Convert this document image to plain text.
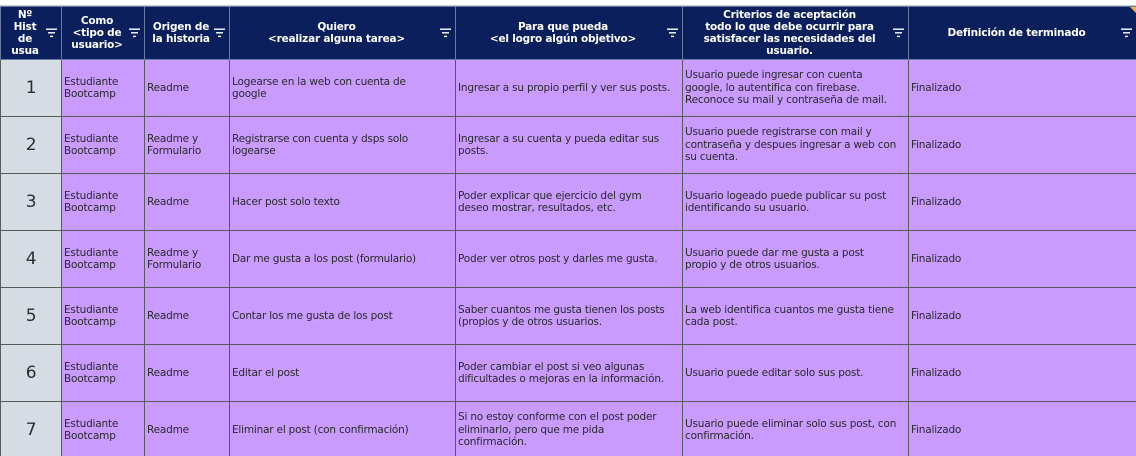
Nº Hist
de
usua	Como
<tipo de
usuario>	Origen de
la historia	Quiero
<realizar alguna tarea>	Para que pueda
<el logro algún objetivo>	Criterios de aceptación
todo lo que debe ocurrir para
satisfacer las necesidades del usuario.	Definición de terminado

1	Estudiante
Bootcamp	Readme	Logearse en la web con cuenta de
google	Ingresar a su propio perfil y ver sus posts.	Usuario puede ingresar con cuenta
google, lo autentifica con firebase.
Reconoce su mail y contraseña de mail.	Finalizado
2	Estudiante
Bootcamp	Readme y
Formulario	Registrarse con cuenta y dsps solo
logearse	Ingresar a su cuenta y pueda editar sus
posts.	Usuario puede registrarse con mail y
contraseña y despues ingresar a web con
su cuenta.	Finalizado
3	Estudiante
Bootcamp	Readme	Hacer post solo texto	Poder explicar que ejercicio del gym
deseo mostrar, resultados, etc.	Usuario logeado puede publicar su post
identificando su usuario.	Finalizado
4	Estudiante
Bootcamp	Readme y
Formulario	Dar me gusta a los post (formulario)	Poder ver otros post y darles me gusta.	Usuario puede dar me gusta a post
propio y de otros usuarios.	Finalizado
5	Estudiante
Bootcamp	Readme	Contar los me gusta de los post	Saber cuantos me gusta tienen los posts
(propios y de otros usuarios.	La web identifica cuantos me gusta tiene
cada post.	Finalizado
6	Estudiante
Bootcamp	Readme	Editar el post	Poder cambiar el post si veo algunas
dificultades o mejoras en la información.	Usuario puede editar solo sus post.	Finalizado
7	Estudiante
Bootcamp	Readme	Eliminar el post (con confirmación)	Si no estoy conforme con el post poder
eliminarlo, pero que me pida
confirmación.	Usuario puede eliminar solo sus post, con
confirmación.	Finalizado
